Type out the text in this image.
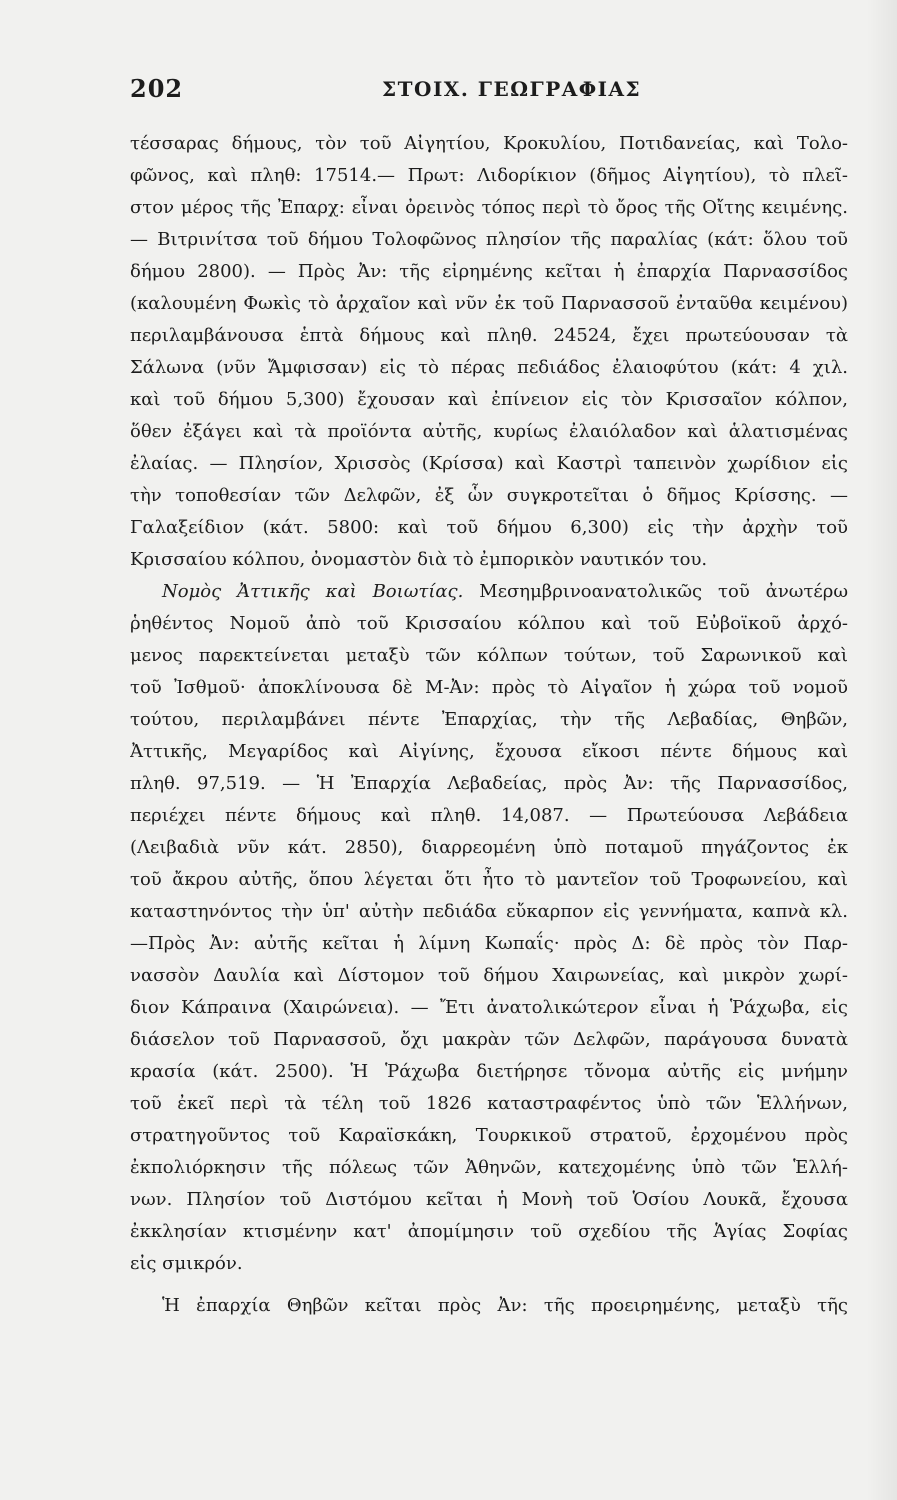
202	ΣΤΟΙΧ. ΓΕΩΓΡΑΦΙΑΣ
τέσσαρας δήμους, τὸν τοῦ Αἰγητίου, Κροκυλίου, Ποτιδανείας, καὶ Τολο-
φῶνος, καὶ πληθ: 17514.— Πρωτ: Λιδορίκιον (δῆμος Αἰγητίου), τὸ πλεῖ-
στον μέρος τῆς Ἐπαρχ: εἶναι ὀρεινὸς τόπος περὶ τὸ ὄρος τῆς Οἴτης κειμένης.
— Βιτρινίτσα τοῦ δήμου Τολοφῶνος πλησίον τῆς παραλίας (κάτ: ὅλου τοῦ
δήμου 2800). — Πρὸς Ἀν: τῆς εἰρημένης κεῖται ἡ ἐπαρχία Παρνασσίδος
(καλουμένη Φωκὶς τὸ ἀρχαῖον καὶ νῦν ἐκ τοῦ Παρνασσοῦ ἐνταῦθα κειμένου)
περιλαμβάνουσα ἑπτὰ δήμους καὶ πληθ. 24524, ἔχει πρωτεύουσαν τὰ
Σάλωνα (νῦν Ἄμφισσαν) εἰς τὸ πέρας πεδιάδος ἐλαιοφύτου (κάτ: 4 χιλ.
καὶ τοῦ δήμου 5,300) ἔχουσαν καὶ ἐπίνειον εἰς τὸν Κρισσαῖον κόλπον,
ὅθεν ἐξάγει καὶ τὰ προϊόντα αὐτῆς, κυρίως ἐλαιόλαδον καὶ ἁλατισμένας
ἐλαίας. — Πλησίον, Χρισσὸς (Κρίσσα) καὶ Καστρὶ ταπεινὸν χωρίδιον εἰς
τὴν τοποθεσίαν τῶν Δελφῶν, ἐξ ὧν συγκροτεῖται ὁ δῆμος Κρίσσης. —
Γαλαξείδιον (κάτ. 5800: καὶ τοῦ δήμου 6,300) εἰς τὴν ἀρχὴν τοῦ
Κρισσαίου κόλπου, ὀνομαστὸν διὰ τὸ ἐμπορικὸν ναυτικόν του.
Νομὸς Ἀττικῆς καὶ Βοιωτίας. Μεσημβρινοανατολικῶς τοῦ ἀνωτέρω
ῥηθέντος Νομοῦ ἀπὸ τοῦ Κρισσαίου κόλπου καὶ τοῦ Εὐβοϊκοῦ ἀρχό-
μενος παρεκτείνεται μεταξὺ τῶν κόλπων τούτων, τοῦ Σαρωνικοῦ καὶ
τοῦ Ἰσθμοῦ· ἀποκλίνουσα δὲ Μ-Ἀν: πρὸς τὸ Αἰγαῖον ἡ χώρα τοῦ νομοῦ
τούτου, περιλαμβάνει πέντε Ἐπαρχίας, τὴν τῆς Λεβαδίας, Θηβῶν,
Ἀττικῆς, Μεγαρίδος καὶ Αἰγίνης, ἔχουσα εἴκοσι πέντε δήμους καὶ
πληθ. 97,519. — Ἡ Ἐπαρχία Λεβαδείας, πρὸς Ἀν: τῆς Παρνασσίδος,
περιέχει πέντε δήμους καὶ πληθ. 14,087. — Πρωτεύουσα Λεβάδεια
(Λειβαδιὰ νῦν κάτ. 2850), διαρρεομένη ὑπὸ ποταμοῦ πηγάζοντος ἐκ
τοῦ ἄκρου αὐτῆς, ὅπου λέγεται ὅτι ἦτο τὸ μαντεῖον τοῦ Τροφωνείου, καὶ
καταστηνόντος τὴν ὑπ' αὐτὴν πεδιάδα εὔκαρπον εἰς γεννήματα, καπνὰ κλ.
—Πρὸς Ἀν: αὐτῆς κεῖται ἡ λίμνη Κωπαΐς· πρὸς Δ: δὲ πρὸς τὸν Παρ-
νασσὸν Δαυλία καὶ Δίστομον τοῦ δήμου Χαιρωνείας, καὶ μικρὸν χωρί-
διον Κάπραινα (Χαιρώνεια). — Ἔτι ἀνατολικώτερον εἶναι ἡ Ῥάχωβα, εἰς
διάσελον τοῦ Παρνασσοῦ, ὄχι μακρὰν τῶν Δελφῶν, παράγουσα δυνατὰ
κρασία (κάτ. 2500). Ἡ Ῥάχωβα διετήρησε τὄνομα αὐτῆς εἰς μνήμην
τοῦ ἐκεῖ περὶ τὰ τέλη τοῦ 1826 καταστραφέντος ὑπὸ τῶν Ἑλλήνων,
στρατηγοῦντος τοῦ Καραϊσκάκη, Τουρκικοῦ στρατοῦ, ἐρχομένου πρὸς
ἐκπολιόρκησιν τῆς πόλεως τῶν Ἀθηνῶν, κατεχομένης ὑπὸ τῶν Ἑλλή-
νων. Πλησίον τοῦ Διστόμου κεῖται ἡ Μονὴ τοῦ Ὁσίου Λουκᾶ, ἔχουσα
ἐκκλησίαν κτισμένην κατ' ἀπομίμησιν τοῦ σχεδίου τῆς Ἁγίας Σοφίας
εἰς σμικρόν.
Ἡ ἐπαρχία Θηβῶν κεῖται πρὸς Ἀν: τῆς προειρημένης, μεταξὺ τῆς
